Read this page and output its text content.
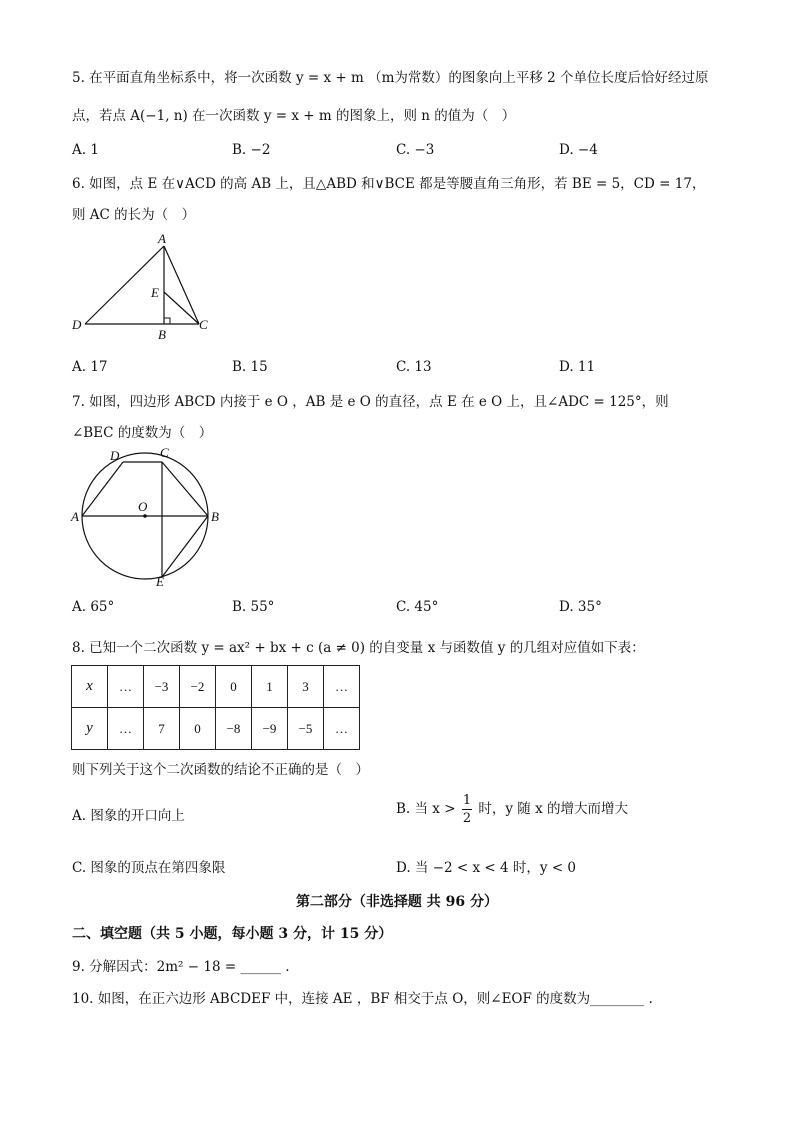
5. 在平面直角坐标系中，将一次函数 y = x + m （m为常数）的图象向上平移 2 个单位长度后恰好经过原
点，若点 A(−1, n) 在一次函数 y = x + m 的图象上，则 n 的值为（　）
A. 1	B. −2	C. −3	D. −4
6. 如图，点 E 在∨ACD 的高 AB 上，且△ABD 和∨BCE 都是等腰直角三角形，若 BE = 5，CD = 17，
则 AC 的长为（　）
A
E
D
B
C
A. 17	B. 15	C. 13	D. 11
7. 如图，四边形 ABCD 内接于 e O ，AB 是 e O 的直径，点 E 在 e O 上，且∠ADC = 125°，则
∠BEC 的度数为（　）
D	C
O
A	B
E
A. 65°	B. 55°	C. 45°	D. 35°
8. 已知一个二次函数 y = ax² + bx + c (a ≠ 0) 的自变量 x 与函数值 y 的几组对应值如下表：
x	…	−3	−2	0	1	3	…
y	…	7	0	−8	−9	−5	…
则下列关于这个二次函数的结论不正确的是（　）
A. 图象的开口向上	B. 当 $x > \frac{1}{2}$ 时，y 随 x 的增大而增大
C. 图象的顶点在第四象限	D. 当 −2 < x < 4 时，y < 0
第二部分（非选择题 共 96 分）
二、填空题（共 5 小题，每小题 3 分，计 15 分）
9. 分解因式：2m² − 18 = ______ .
10. 如图，在正六边形 ABCDEF 中，连接 AE ，BF 相交于点 O，则∠EOF 的度数为________ .
